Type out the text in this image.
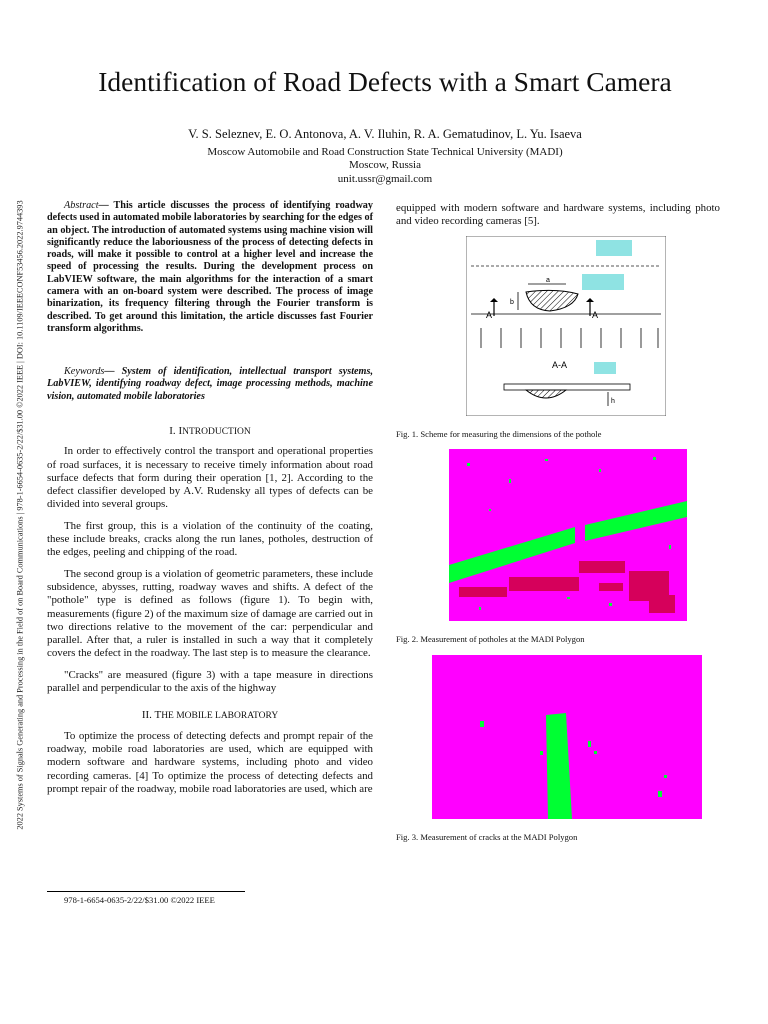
2022 Systems of Signals Generating and Processing in the Field of on Board Communications | 978-1-6654-0635-2/22/$31.00 ©2022 IEEE | DOI: 10.1109/IEEECONF53456.2022.9744393
Identification of Road Defects with a Smart Camera
V. S. Seleznev, E. O. Antonova, A. V. Iluhin, R. A. Gematudinov, L. Yu. Isaeva
Moscow Automobile and Road Construction State Technical University (MADI)
Moscow, Russia
unit.ussr@gmail.com
Abstract— This article discusses the process of identifying roadway defects used in automated mobile laboratories by searching for the edges of an object. The introduction of automated systems using machine vision will significantly reduce the laboriousness of the process of detecting defects in roads, will make it possible to control at a higher level and increase the speed of processing the results. During the development process on LabVIEW software, the main algorithms for the interaction of a smart camera with an on-board system were described. The process of image binarization, its frequency filtering through the Fourier transform is described. To get around this limitation, the article discusses fast Fourier transform algorithms.
Keywords— System of identification, intellectual transport systems, LabVIEW, identifying roadway defect, image processing methods, machine vision, automated mobile laboratories

I. INTRODUCTION

In order to effectively control the transport and operational properties of road surfaces, it is necessary to receive timely information about road surface defects that form during their operation [1, 2]. According to the defect classifier developed by A.V. Rudensky all types of defects can be divided into several groups.

The first group, this is a violation of the continuity of the coating, these include breaks, cracks along the run lanes, potholes, destruction of the edges, peeling and chipping of the road.

The second group is a violation of geometric parameters, these include subsidence, abysses, rutting, roadway waves and shifts. A defect of the "pothole" type is defined as follows (figure 1). To begin with, measurements (figure 2) of the maximum size of damage are carried out in two directions relative to the movement of the car: perpendicular and parallel. After that, a ruler is installed in such a way that it completely covers the defect in the roadway. The last step is to measure the clearance.

"Cracks" are measured (figure 3) with a tape measure in directions parallel and perpendicular to the axis of the highway

II. THE MOBILE LABORATORY

To optimize the process of detecting defects and prompt repair of the roadway, mobile road laboratories are used, which are equipped with modern software and hardware systems, including photo and video recording cameras. [4] To optimize the process of detecting defects and prompt repair of the roadway, mobile road laboratories are used, which are

equipped with modern software and hardware systems, including photo and video recording cameras [5].

a
b
A	A
A-A
h
Fig. 1. Scheme for measuring the dimensions of the pothole
Fig. 2. Measurement of potholes at the MADI Polygon
Fig. 3. Measurement of cracks at the MADI Polygon
978-1-6654-0635-2/22/$31.00 ©2022 IEEE
